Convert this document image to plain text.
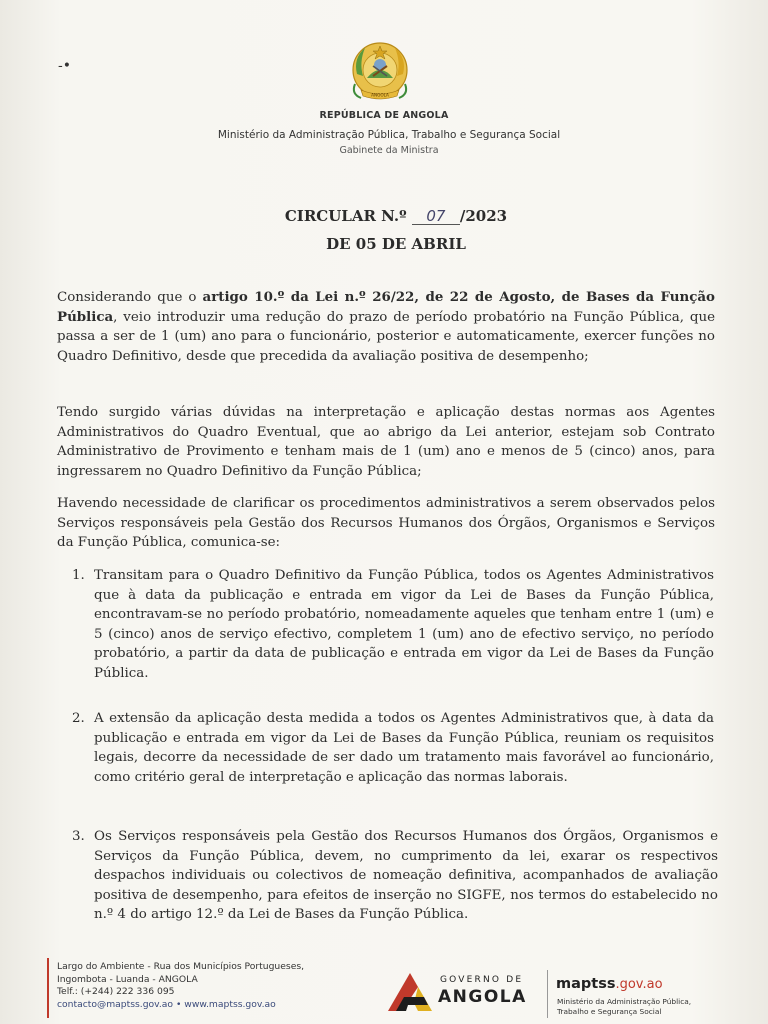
-•
ANGOLA
REPÚBLICA DE ANGOLA
Ministério da Administração Pública, Trabalho e Segurança Social
Gabinete da Ministra
CIRCULAR N.º 07 /2023
DE 05 DE ABRIL
Considerando que o artigo 10.º da Lei n.º 26/22, de 22 de Agosto, de Bases da Função Pública, veio introduzir uma redução do prazo de período probatório na Função Pública, que passa a ser de 1 (um) ano para o funcionário, posterior e automaticamente, exercer funções no Quadro Definitivo, desde que precedida da avaliação positiva de desempenho;
Tendo surgido várias dúvidas na interpretação e aplicação destas normas aos Agentes Administrativos do Quadro Eventual, que ao abrigo da Lei anterior, estejam sob Contrato Administrativo de Provimento e tenham mais de 1 (um) ano e menos de 5 (cinco) anos, para ingressarem no Quadro Definitivo da Função Pública;
Havendo necessidade de clarificar os procedimentos administrativos a serem observados pelos Serviços responsáveis pela Gestão dos Recursos Humanos dos Órgãos, Organismos e Serviços da Função Pública, comunica-se:
1. Transitam para o Quadro Definitivo da Função Pública, todos os Agentes Administrativos que à data da publicação e entrada em vigor da Lei de Bases da Função Pública, encontravam-se no período probatório, nomeadamente aqueles que tenham entre 1 (um) e 5 (cinco) anos de serviço efectivo, completem 1 (um) ano de efectivo serviço, no período probatório, a partir da data de publicação e entrada em vigor da Lei de Bases da Função Pública.
2. A extensão da aplicação desta medida a todos os Agentes Administrativos que, à data da publicação e entrada em vigor da Lei de Bases da Função Pública, reuniam os requisitos legais, decorre da necessidade de ser dado um tratamento mais favorável ao funcionário, como critério geral de interpretação e aplicação das normas laborais.
3. Os Serviços responsáveis pela Gestão dos Recursos Humanos dos Órgãos, Organismos e Serviços da Função Pública, devem, no cumprimento da lei, exarar os respectivos despachos individuais ou colectivos de nomeação definitiva, acompanhados de avaliação positiva de desempenho, para efeitos de inserção no SIGFE, nos termos do estabelecido no n.º 4 do artigo 12.º da Lei de Bases da Função Pública.
Largo do Ambiente - Rua dos Municípios Portugueses,
Ingombota - Luanda - ANGOLA
Telf.: (+244) 222 336 095
contacto@maptss.gov.ao • www.maptss.gov.ao
GOVERNO DE
ANGOLA
maptss.gov.ao
Ministério da Administração Pública,
Trabalho e Segurança Social
